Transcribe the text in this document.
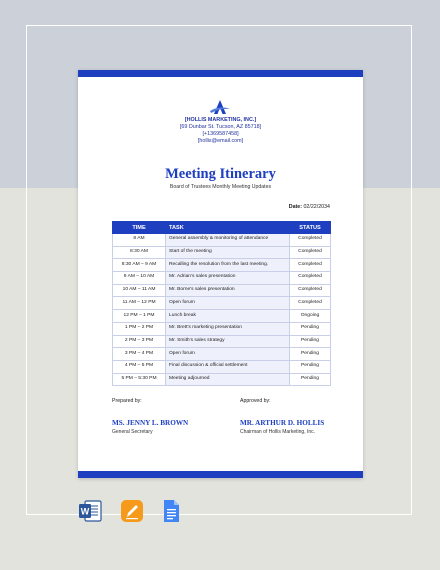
[HOLLIS MARKETING, INC.]
[69 Dunbar St. Tucson, AZ 85718]
[+1369587458]
[hollis@email.com]
Meeting Itinerary
Board of Trustees Monthly Meeting Updates
Date: 02/22/2034
TIME	TASK	STATUS
8 AM	General assembly & monitoring of attendance	Completed
8:30 AM	Start of the meeting	Completed
8:30 AM – 9 AM	Recalling the resolution from the last meeting.	Completed
9 AM – 10 AM	Mr. Adrian's sales presentation	Completed
10 AM – 11 AM	Mr. Borne's sales presentation	Completed
11 AM – 12 PM	Open forum	Completed
12 PM – 1 PM	Lunch break	Ongoing
1 PM – 2 PM	Mr. Brett's marketing presentation	Pending
2 PM – 3 PM	Mr. Smith's sales strategy	Pending
3 PM – 4 PM	Open forum	Pending
4 PM – 5 PM	Final discussion & official settlement	Pending
5 PM – 5:30 PM	Meeting adjourned	Pending
Prepared by:	Approved by:
MS. JENNY L. BROWN	MR. ARTHUR D. HOLLIS
General Secretary	Chairman of Hollis Marketing, Inc.
W
